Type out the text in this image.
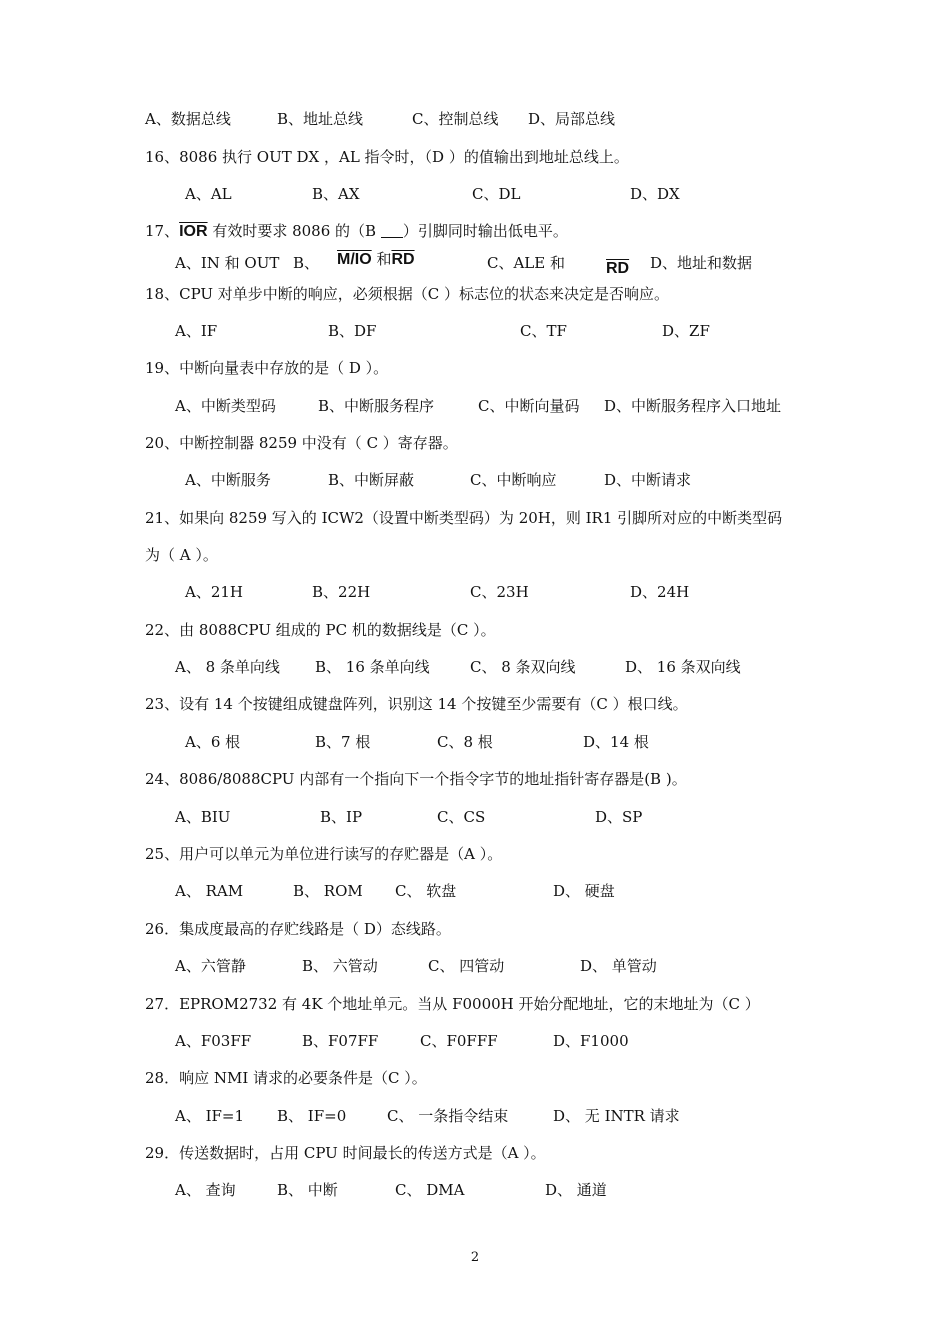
A、数据总线	B、地址总线	C、控制总线 D、局部总线
16、8086 执行 OUT DX ，AL 指令时，（D ）的值输出到地址总线上。
A、AL	B、AX	C、DL	D、DX
17、$\overline{IOR}$ 有效时要求 8086 的（B ）引脚同时输出低电平。
A、IN 和 OUT B、 M/IO 和$\overline{RD}$	C、ALE 和	$\overline{RD}$ D、地址和数据
18、CPU 对单步中断的响应，必须根据（C ）标志位的状态来决定是否响应。
A、IF	B、DF	C、TF	D、ZF
19、中断向量表中存放的是（ D ）。
A、中断类型码	B、中断服务程序	C、中断向量码 D、中断服务程序入口地址
20、中断控制器 8259 中没有（ C ）寄存器。
A、中断服务	B、中断屏蔽	C、中断响应	D、中断请求
21、如果向 8259 写入的 ICW2（设置中断类型码）为 20H，则 IR1 引脚所对应的中断类型码
为（ A ）。
A、21H	B、22H	C、23H	D、24H
22、由 8088CPU 组成的 PC 机的数据线是（C ）。
A、 8 条单向线 B、 16 条单向线	C、 8 条双向线	D、 16 条双向线
23、设有 14 个按键组成键盘阵列，识别这 14 个按键至少需要有（C ）根口线。
A、6 根	B、7 根	C、8 根	D、14 根
24、8086/8088CPU 内部有一个指向下一个指令字节的地址指针寄存器是(B )。
A、BIU	B、IP	C、CS	D、SP
25、用户可以单元为单位进行读写的存贮器是（A ）。
A、 RAM	B、 ROM C、 软盘	D、 硬盘
26．集成度最高的存贮线路是（ D）态线路。
A、六管静	B、 六管动	C、 四管动	D、 单管动
27．EPROM2732 有 4K 个地址单元。当从 F0000H 开始分配地址，它的末地址为（C ）
A、F03FF	B、F07FF	C、F0FFF	D、F1000
28．响应 NMI 请求的必要条件是（C ）。
A、 IF=1 B、 IF=0	C、 一条指令结束	D、 无 INTR 请求
29．传送数据时，占用 CPU 时间最长的传送方式是（A ）。
A、 查询	B、 中断	C、 DMA	D、 通道
2
